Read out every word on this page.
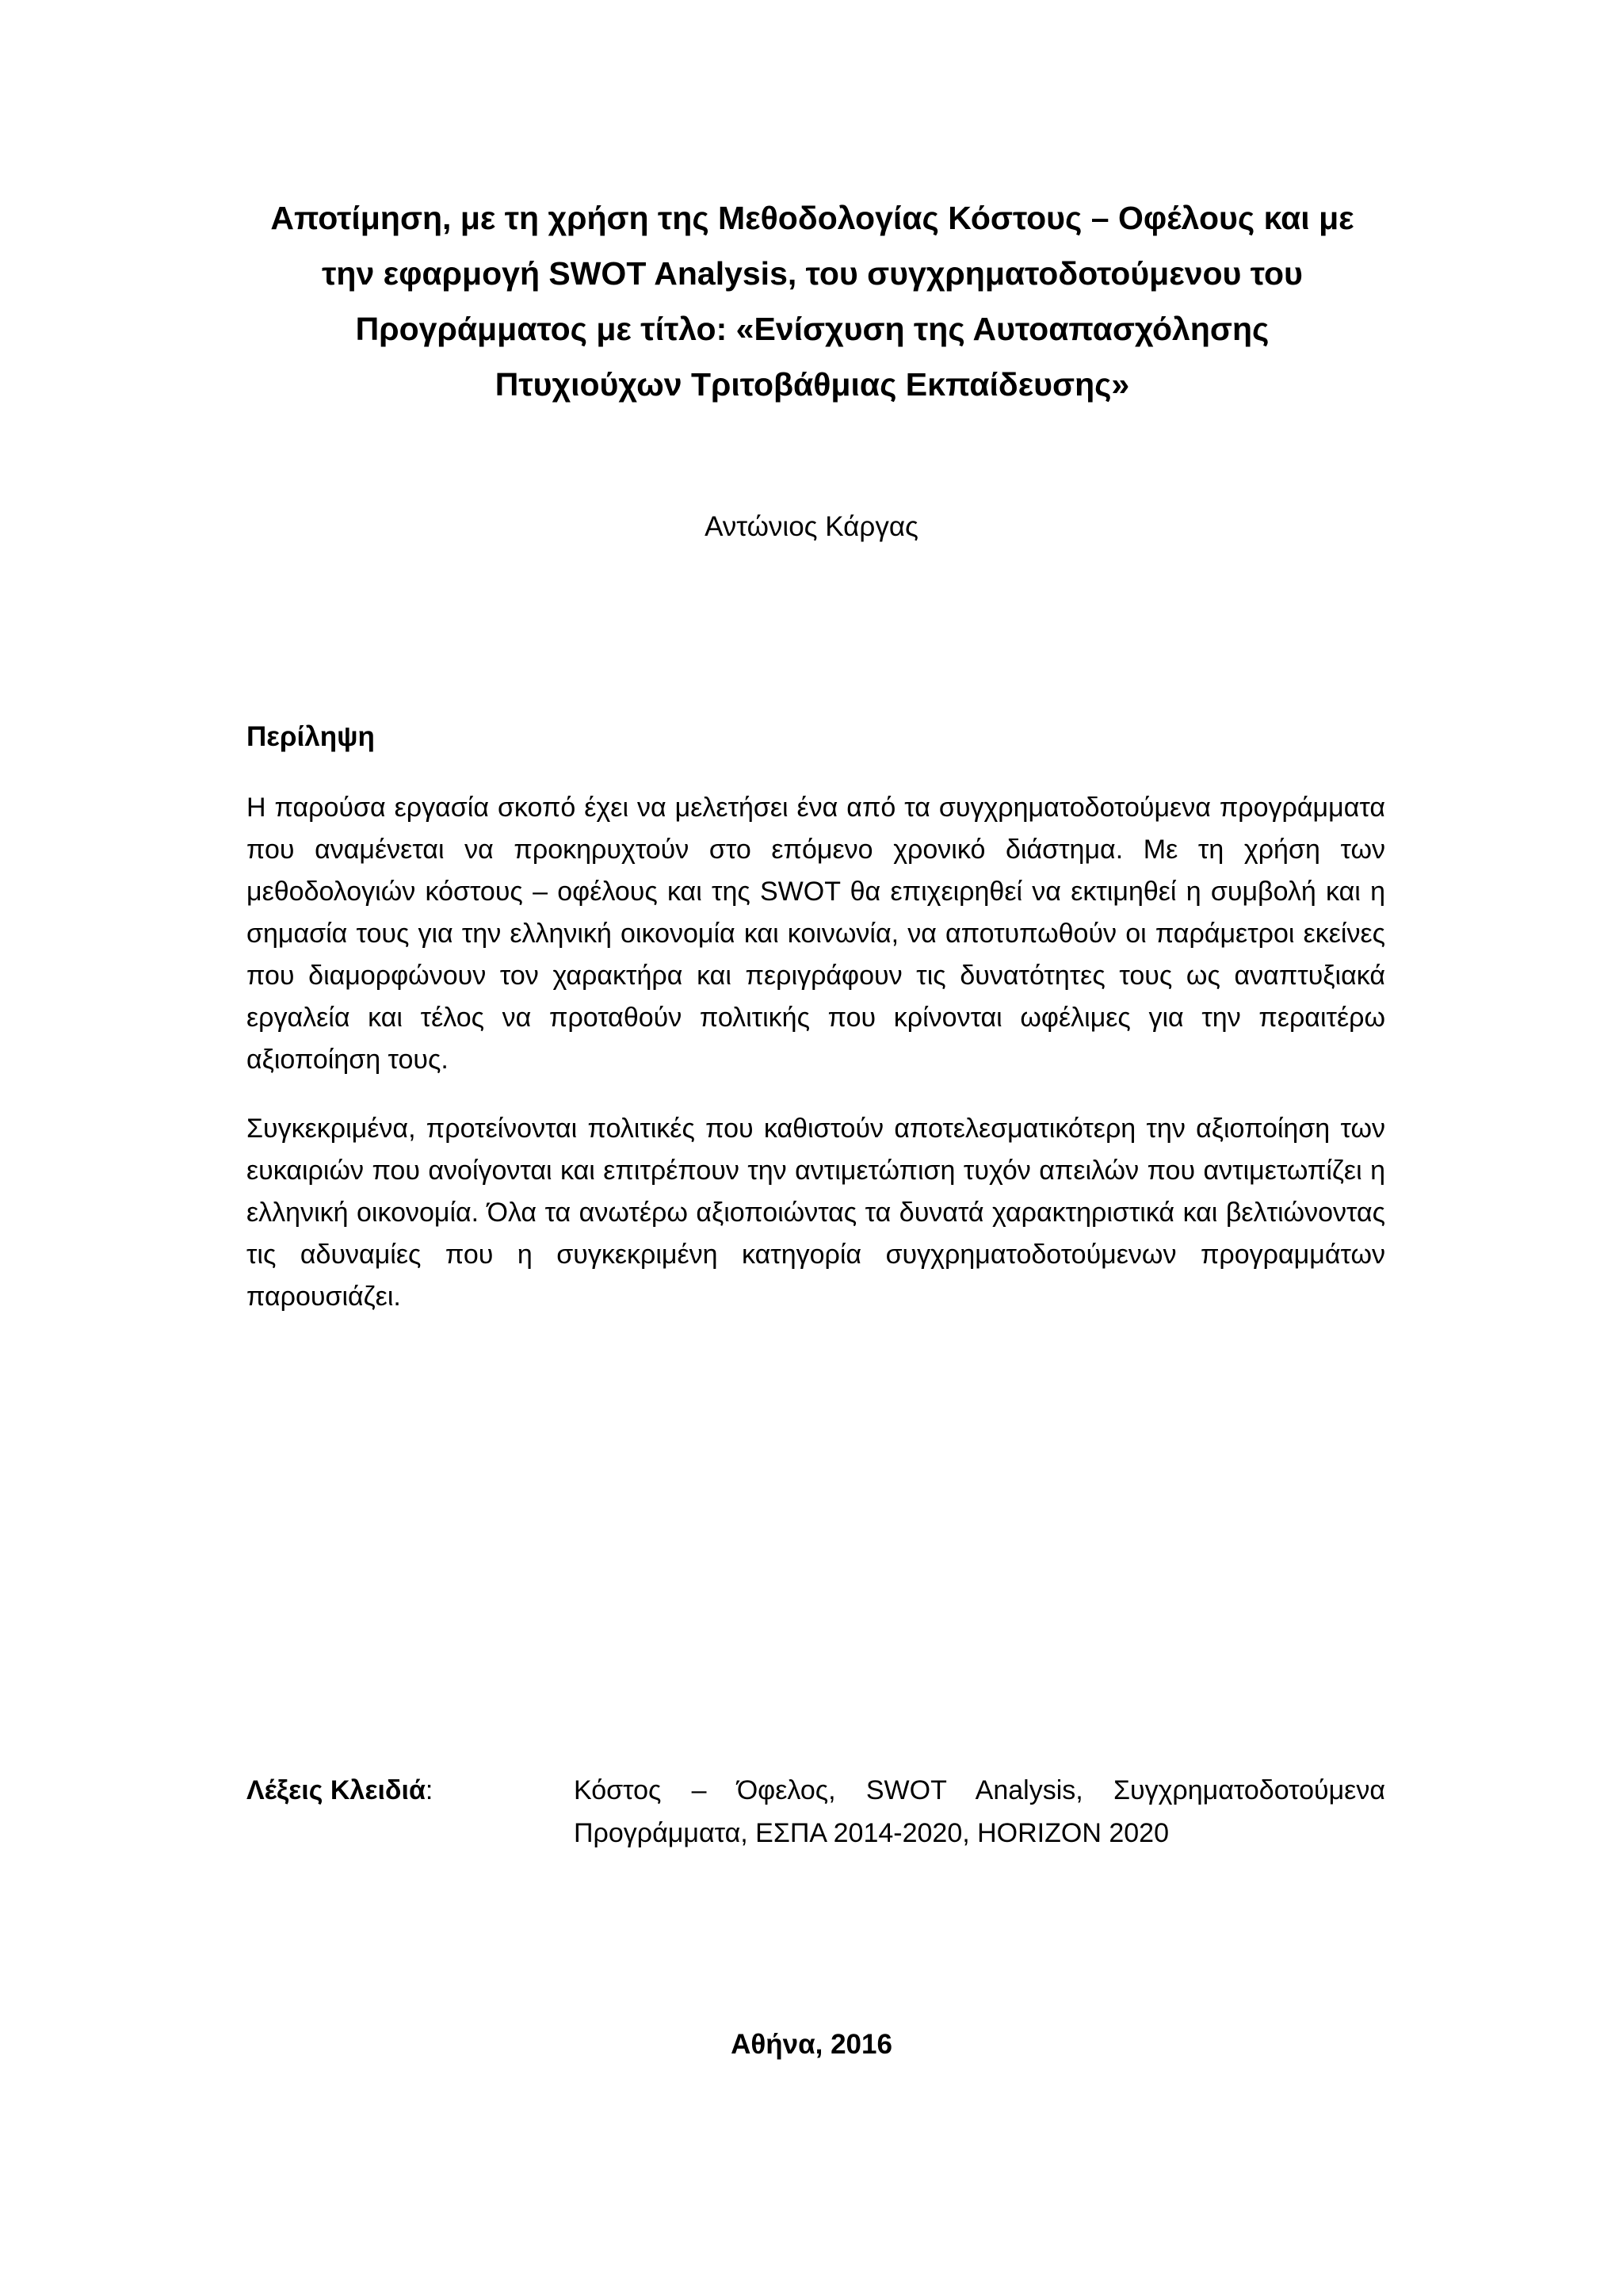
Αποτίμηση, με τη χρήση της Μεθοδολογίας Κόστους – Οφέλους και με
την εφαρμογή SWOT Analysis, του συγχρηματοδοτούμενου του
Προγράμματος με τίτλο: «Ενίσχυση της Αυτοαπασχόλησης
Πτυχιούχων Τριτοβάθμιας Εκπαίδευσης»
Αντώνιος Κάργας
Περίληψη

Η παρούσα εργασία σκοπό έχει να μελετήσει ένα από τα συγχρηματοδοτούμενα προγράμματα που αναμένεται να προκηρυχτούν στο επόμενο χρονικό διάστημα. Με τη χρήση των μεθοδολογιών κόστους – οφέλους και της SWOT θα επιχειρηθεί να εκτιμηθεί η συμβολή και η σημασία τους για την ελληνική οικονομία και κοινωνία, να αποτυπωθούν οι παράμετροι εκείνες που διαμορφώνουν τον χαρακτήρα και περιγράφουν τις δυνατότητες τους ως αναπτυξιακά εργαλεία και τέλος να προταθούν πολιτικής που κρίνονται ωφέλιμες για την περαιτέρω αξιοποίηση τους.

Συγκεκριμένα, προτείνονται πολιτικές που καθιστούν αποτελεσματικότερη την αξιοποίηση των ευκαιριών που ανοίγονται και επιτρέπουν την αντιμετώπιση τυχόν απειλών που αντιμετωπίζει η ελληνική οικονομία. Όλα τα ανωτέρω αξιοποιώντας τα δυνατά χαρακτηριστικά και βελτιώνοντας τις αδυναμίες που η συγκεκριμένη κατηγορία συγχρηματοδοτούμενων προγραμμάτων παρουσιάζει.

Λέξεις Κλειδιά:	Κόστος – Όφελος, SWOT Analysis, Συγχρηματοδοτούμενα Προγράμματα, ΕΣΠΑ 2014-2020, HORIZON 2020
Αθήνα, 2016
